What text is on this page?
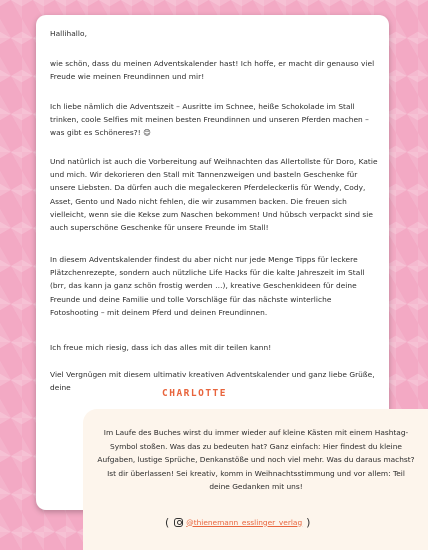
Hallihallo,

wie schön, dass du meinen Adventskalender hast! Ich hoffe, er macht dir genauso viel Freude wie meinen Freundinnen und mir!

Ich liebe nämlich die Adventszeit – Ausritte im Schnee, heiße Schokolade im Stall trinken, coole Selfies mit meinen besten Freundinnen und unseren Pferden machen – was gibt es Schöneres?! 😊

Und natürlich ist auch die Vorbereitung auf Weihnachten das Allertollste für Doro, Katie und mich. Wir dekorieren den Stall mit Tannenzweigen und basteln Geschenke für unsere Liebsten. Da dürfen auch die megaleckeren Pferdeleckerlis für Wendy, Cody, Asset, Gento und Nado nicht fehlen, die wir zusammen backen. Die freuen sich vielleicht, wenn sie die Kekse zum Naschen bekommen! Und hübsch verpackt sind sie auch superschöne Geschenke für unsere Freunde im Stall!

In diesem Adventskalender findest du aber nicht nur jede Menge Tipps für leckere Plätzchenrezepte, sondern auch nützliche Life Hacks für die kalte Jahreszeit im Stall (brr, das kann ja ganz schön frostig werden …), kreative Geschenkideen für deine Freunde und deine Familie und tolle Vorschläge für das nächste winterliche Fotoshooting – mit deinem Pferd und deinen Freundinnen.

Ich freue mich riesig, dass ich das alles mit dir teilen kann!

Viel Vergnügen mit diesem ultimativ kreativen Adventskalender und ganz liebe Grüße, deine

CHARLOTTE

Im Laufe des Buches wirst du immer wieder auf kleine Kästen mit einem Hashtag-Symbol stoßen. Was das zu bedeuten hat? Ganz einfach: Hier findest du kleine Aufgaben, lustige Sprüche, Denkanstöße und noch viel mehr. Was du daraus machst? Ist dir überlassen! Sei kreativ, komm in Weihnachtsstimmung und vor allem: Teil deine Gedanken mit uns!

( @thienemann_esslinger_verlag )
